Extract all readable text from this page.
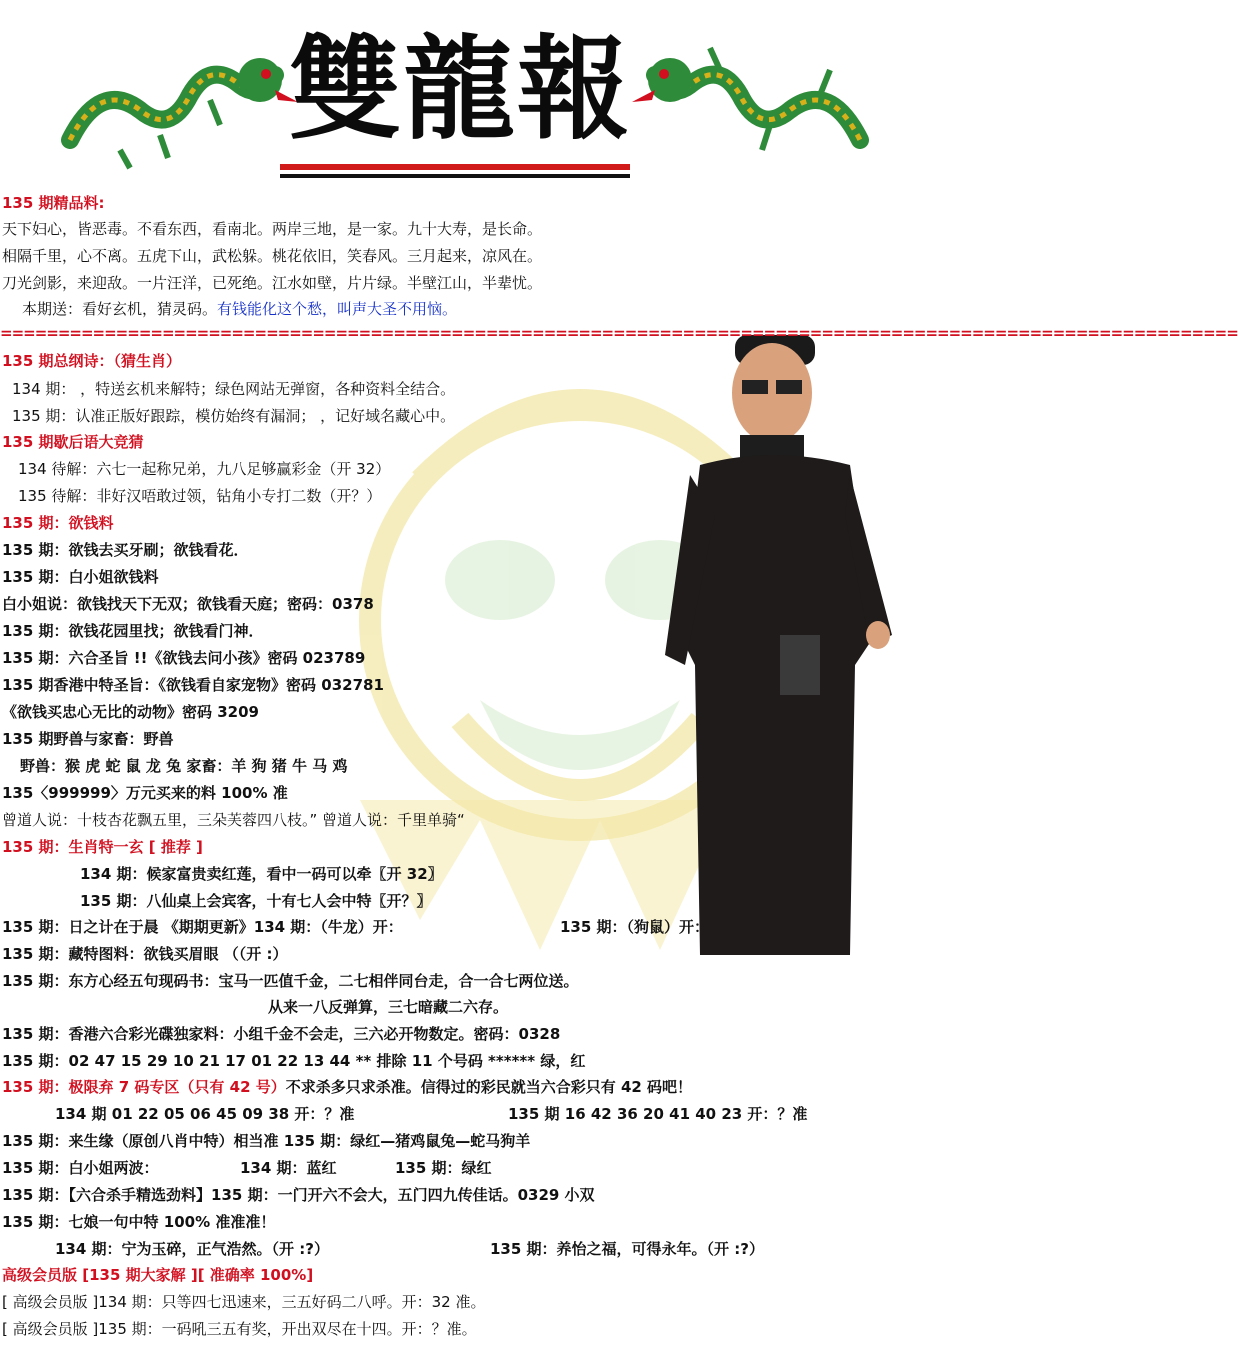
雙龍報
135 期精品料:
天下妇心，皆恶毒。不看东西，看南北。两岸三地，是一家。九十大寿，是长命。
相隔千里，心不离。五虎下山，武松躲。桃花依旧，笑春风。三月起来，凉风在。
刀光剑影，来迎敌。一片汪洋，已死绝。江水如壁，片片绿。半壁江山，半辈忧。
本期送：看好玄机，猜灵码。有钱能化这个愁，叫声大圣不用恼。
===========================================================================================================
135 期总纲诗：（猜生肖）
134 期： ，特送玄机来解特；绿色网站无弹窗，各种资料全结合。
135 期：认准正版好跟踪，模仿始终有漏洞； ，记好域名藏心中。
135 期歇后语大竞猜
134 待解：六七一起称兄弟，九八足够赢彩金（开 32）
135 待解：非好汉唔敢过领，钻角小专打二数（开？）
135 期：欲钱料
135 期：欲钱去买牙刷；欲钱看花．
135 期：白小姐欲钱料
白小姐说：欲钱找天下无双；欲钱看天庭；密码：0378
135 期：欲钱花园里找；欲钱看门神．
135 期：六合圣旨 !!《欲钱去问小孩》密码 023789
135 期香港中特圣旨：《欲钱看自家宠物》密码 032781
《欲钱买忠心无比的动物》密码 3209
135 期野兽与家畜：野兽
野兽：猴 虎 蛇 鼠 龙 兔 家畜：羊 狗 猪 牛 马 鸡
135〈999999〉万元买来的料 100% 准
曾道人说：十枝杏花飘五里，三朵芙蓉四八枝。” 曾道人说：千里单骑“
135 期：生肖特一玄 [ 推荐 ]
134 期：候家富贵卖红莲，看中一码可以牵〖开 32〗
135 期：八仙桌上会宾客，十有七人会中特〖开？〗
135 期：日之计在于晨 《期期更新》134 期：（牛龙）开：	135 期：（狗鼠）开：
135 期：藏特图料：欲钱买眉眼 （（开 :）
135 期：东方心经五句现码书：宝马一匹值千金，二七相伴同台走，合一合七两位送。
从来一八反弹算，三七暗藏二六存。
135 期：香港六合彩光碟独家料：小组千金不会走，三六必开物数定。密码：0328
135 期：02 47 15 29 10 21 17 01 22 13 44 ** 排除 11 个号码 ****** 绿，红
135 期：极限弃 7 码专区（只有 42 号）不求杀多只求杀准。信得过的彩民就当六合彩只有 42 码吧！
134 期 01 22 05 06 45 09 38 开：？准	135 期 16 42 36 20 41 40 23 开：？准
135 期：来生缘（原创八肖中特）相当准 135 期：绿红—猪鸡鼠兔—蛇马狗羊
135 期：白小姐两波：	134 期：蓝红	135 期：绿红
135 期：【六合杀手精选劲料】135 期：一门开六不会大，五门四九传佳话。0329 小双
135 期：七娘一句中特 100% 准准准！
134 期：宁为玉碎，正气浩然。（开 :?）	135 期：养怡之福，可得永年。（开 :?）
高级会员版 [135 期大家解 ][ 准确率 100%]
[ 高级会员版 ]134 期：只等四七迅速来，三五好码二八呼。开：32 准。
[ 高级会员版 ]135 期：一码吼三五有奖，开出双尽在十四。开：？准。
